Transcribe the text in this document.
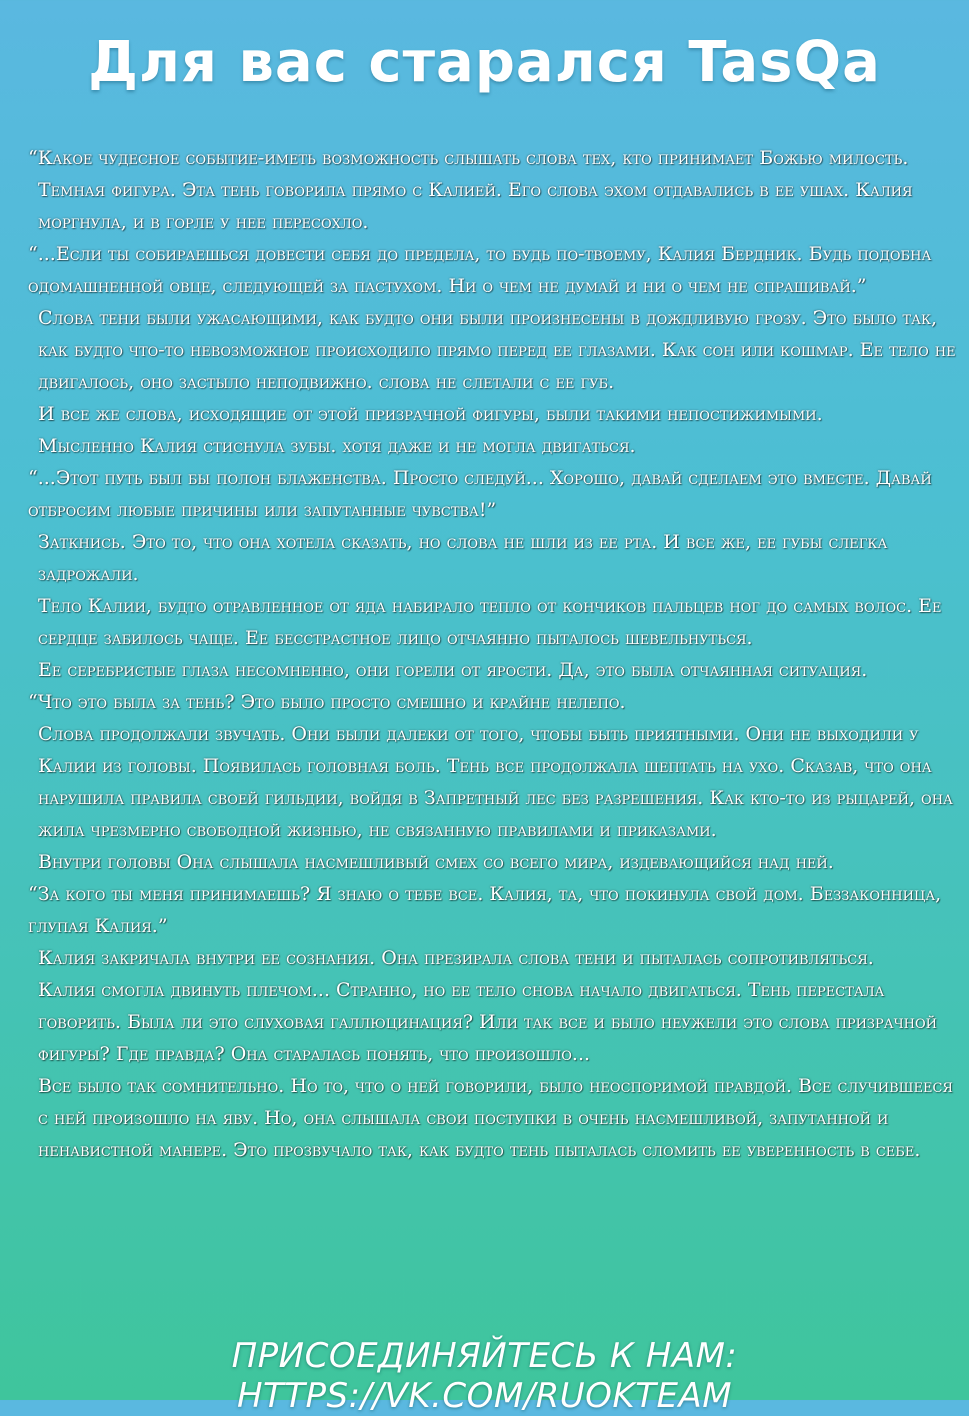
Для вас старался TasQa

“Какое чудесное событие-иметь возможность слышать слова тех, кто принимает Божью милость.

Темная фигура. Эта тень говорила прямо с Калией. Его слова эхом отдавались в ее ушах. Калия моргнула, и в горле у нее пересохло.

“...Если ты собираешься довести себя до предела, то будь по-твоему, Калия Бердник. Будь подобна одомашненной овце, следующей за пастухом. Ни о чем не думай и ни о чем не спрашивай.”

Слова тени были ужасающими, как будто они были произнесены в дождливую грозу. Это было так, как будто что-то невозможное происходило прямо перед ее глазами. Как сон или кошмар. Ее тело не двигалось, оно застыло неподвижно. слова не слетали с ее губ.

И все же слова, исходящие от этой призрачной фигуры, были такими непостижимыми.

Мысленно Калия стиснула зубы. хотя даже и не могла двигаться.

“...Этот путь был бы полон блаженства. Просто следуй... Хорошо, давай сделаем это вместе. Давай отбросим любые причины или запутанные чувства!”

Заткнись. Это то, что она хотела сказать, но слова не шли из ее рта. И все же, ее губы слегка задрожали.

Тело Калии, будто отравленное от яда набирало тепло от кончиков пальцев ног до самых волос. Ее сердце забилось чаще. Ее бесстрастное лицо отчаянно пыталось шевельнуться.

Ее серебристые глаза несомненно, они горели от ярости. Да, это была отчаянная ситуация.

“Что это была за тень? Это было просто смешно и крайне нелепо.

Слова продолжали звучать. Они были далеки от того, чтобы быть приятными. Они не выходили у Калии из головы. Появилась головная боль. Тень все продолжала шептать на ухо. Сказав, что она нарушила правила своей гильдии, войдя в Запретный лес без разрешения. Как кто-то из рыцарей, она жила чрезмерно свободной жизнью, не связанную правилами и приказами.

Внутри головы Она слышала насмешливый смех со всего мира, издевающийся над ней.

“За кого ты меня принимаешь? Я знаю о тебе все. Калия, та, что покинула свой дом. Беззаконница, глупая Калия.”

Калия закричала внутри ее сознания. Она презирала слова тени и пыталась сопротивляться.

Калия смогла двинуть плечом... Странно, но ее тело снова начало двигаться. Тень перестала говорить. Была ли это слуховая галлюцинация? Или так все и было неужели это слова призрачной фигуры? Где правда? Она старалась понять, что произошло...

Все было так сомнительно. Но то, что о ней говорили, было неоспоримой правдой. Все случившееся с ней произошло на яву. Но, она слышала свои поступки в очень насмешливой, запутанной и ненавистной манере. Это прозвучало так, как будто тень пыталась сломить ее уверенность в себе.

ПРИСОЕДИНЯЙТЕСЬ К НАМ: HTTPS://VK.COM/RUOKTEAM
